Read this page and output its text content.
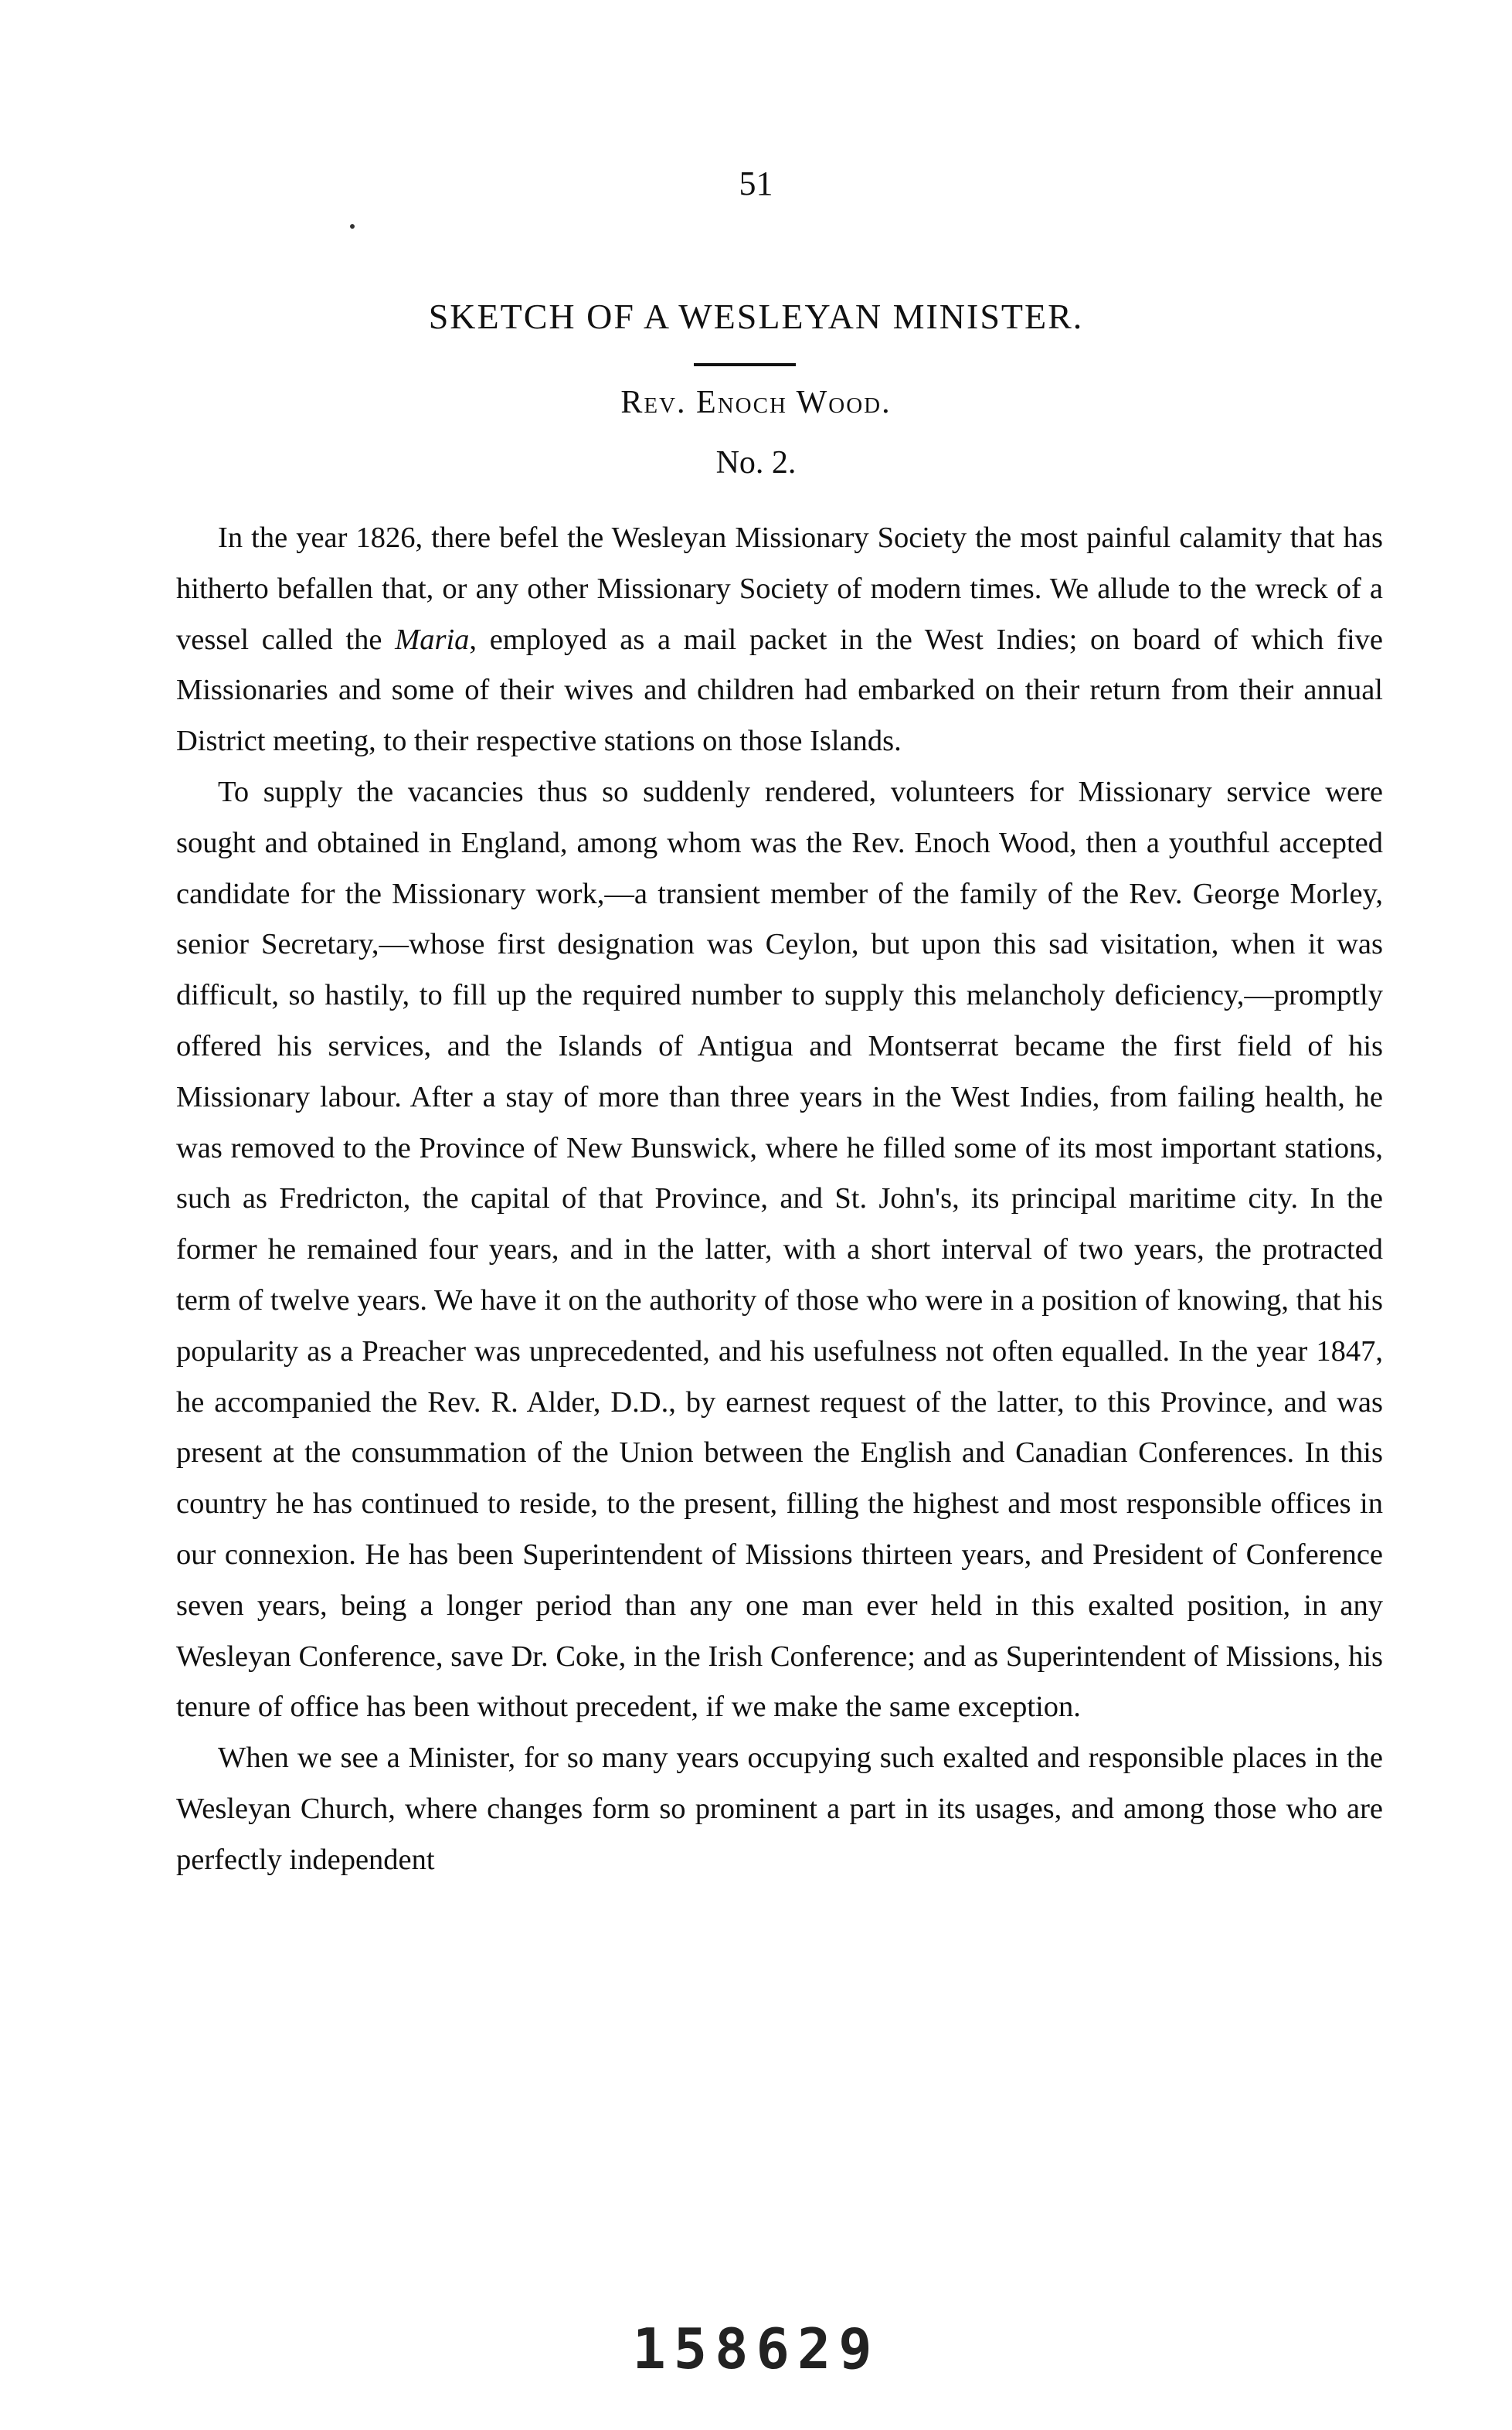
51
SKETCH OF A WESLEYAN MINISTER.
Rev. Enoch Wood.
No. 2.

In the year 1826, there befel the Wesleyan Missionary Society the most painful calamity that has hitherto befallen that, or any other Missionary Society of modern times. We allude to the wreck of a vessel called the Maria, employed as a mail packet in the West Indies; on board of which five Missionaries and some of their wives and children had embarked on their return from their annual District meeting, to their respective stations on those Islands.

To supply the vacancies thus so suddenly rendered, volunteers for Missionary service were sought and obtained in England, among whom was the Rev. Enoch Wood, then a youthful accepted candidate for the Missionary work,—a transient member of the family of the Rev. George Morley, senior Secretary,—whose first designation was Ceylon, but upon this sad visitation, when it was difficult, so hastily, to fill up the required number to supply this melancholy deficiency,—promptly offered his services, and the Islands of Antigua and Montserrat became the first field of his Missionary labour. After a stay of more than three years in the West Indies, from failing health, he was removed to the Province of New Bunswick, where he filled some of its most important stations, such as Fredricton, the capital of that Province, and St. John's, its principal maritime city. In the former he remained four years, and in the latter, with a short interval of two years, the protracted term of twelve years. We have it on the authority of those who were in a position of knowing, that his popularity as a Preacher was unprecedented, and his usefulness not often equalled. In the year 1847, he accompanied the Rev. R. Alder, D.D., by earnest request of the latter, to this Province, and was present at the consummation of the Union between the English and Canadian Conferences. In this country he has continued to reside, to the present, filling the highest and most responsible offices in our connexion. He has been Superintendent of Missions thirteen years, and President of Conference seven years, being a longer period than any one man ever held in this exalted position, in any Wesleyan Conference, save Dr. Coke, in the Irish Conference; and as Superintendent of Missions, his tenure of office has been without precedent, if we make the same exception.

When we see a Minister, for so many years occupying such exalted and responsible places in the Wesleyan Church, where changes form so prominent a part in its usages, and among those who are perfectly independent

158629
